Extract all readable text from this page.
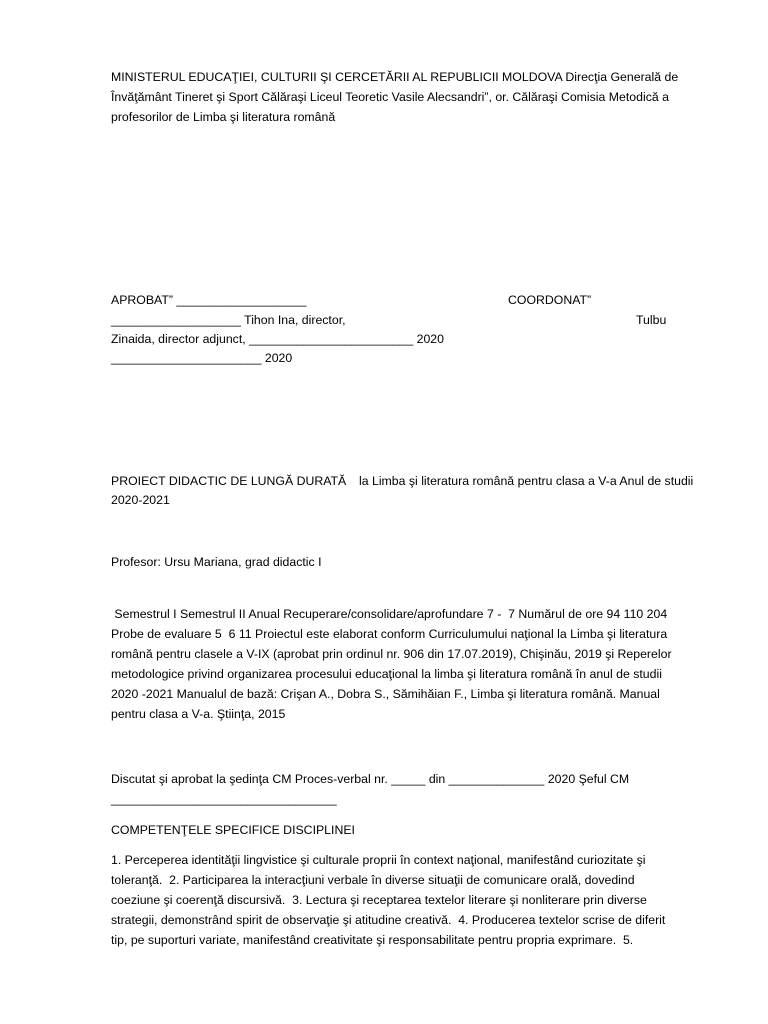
MINISTERUL EDUCAŢIEI, CULTURII ŞI CERCETĂRII AL REPUBLICII MOLDOVA Direcţia Generală de
Învăţământ Tineret şi Sport Călăraşi Liceul Teoretic Vasile Alecsandri”, or. Călăraşi Comisia Metodică a
profesorilor de Limba şi literatura română
APROBAT” ___________________	COORDONAT”
___________________ Tihon Ina, director,	Tulbu
Zinaida, director adjunct, ________________________ 2020
______________________ 2020
PROIECT DIDACTIC DE LUNGĂ DURATĂ la Limba şi literatura română pentru clasa a V-a Anul de studii
2020-2021
Profesor: Ursu Mariana, grad didactic I
Semestrul I Semestrul II Anual Recuperare/consolidare/aprofundare 7 -  7 Numărul de ore 94 110 204
Probe de evaluare 5  6 11 Proiectul este elaborat conform Curriculumului naţional la Limba şi literatura
română pentru clasele a V-IX (aprobat prin ordinul nr. 906 din 17.07.2019), Chişinău, 2019 şi Reperelor
metodologice privind organizarea procesului educaţional la limba şi literatura română în anul de studii
2020 -2021 Manualul de bază: Crişan A., Dobra S., Sămihăian F., Limba şi literatura română. Manual
pentru clasa a V-a. Ştiinţa, 2015
Discutat şi aprobat la şedinţa CM Proces-verbal nr. _____ din ______________ 2020 Şeful CM
_________________________________
COMPETENŢELE SPECIFICE DISCIPLINEI
1. Perceperea identităţii lingvistice şi culturale proprii în context naţional, manifestând curiozitate şi
toleranţă.  2. Participarea la interacţiuni verbale în diverse situaţii de comunicare orală, dovedind
coeziune şi coerenţă discursivă.  3. Lectura şi receptarea textelor literare şi nonliterare prin diverse
strategii, demonstrând spirit de observaţie şi atitudine creativă.  4. Producerea textelor scrise de diferit
tip, pe suporturi variate, manifestând creativitate şi responsabilitate pentru propria exprimare.  5.
